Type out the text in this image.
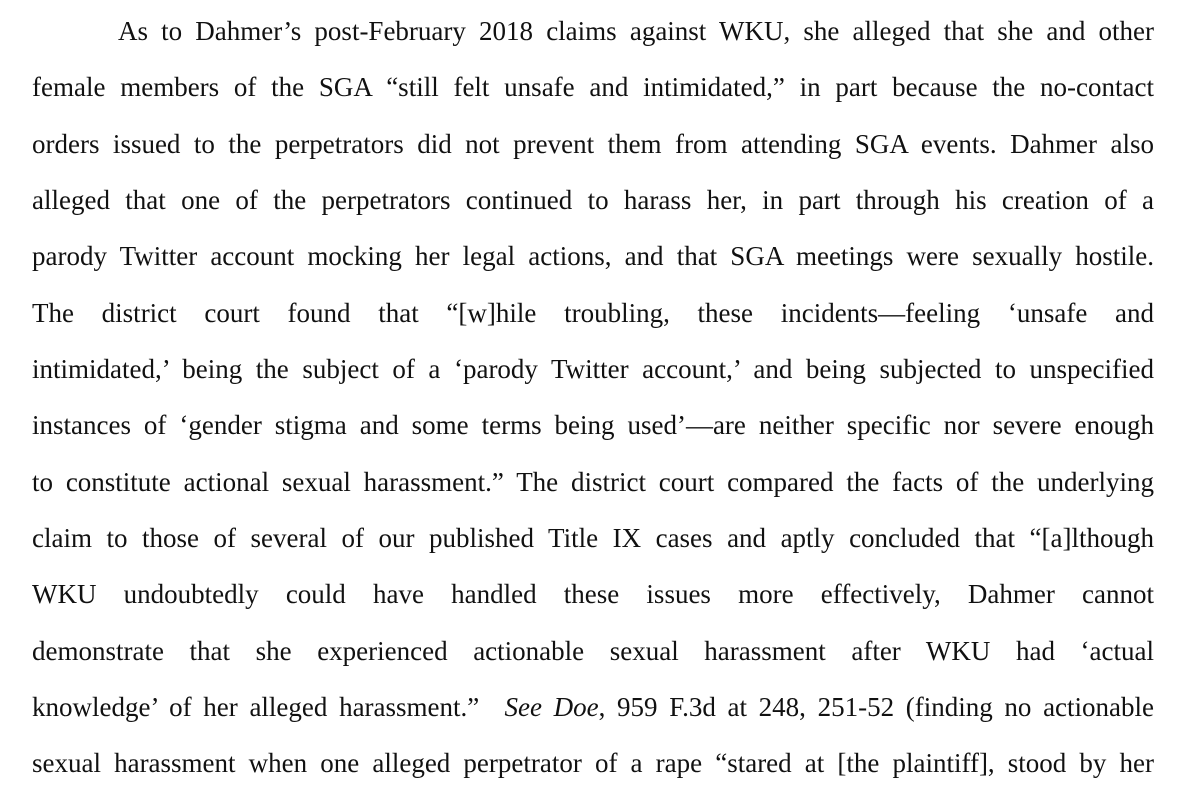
As to Dahmer’s post-February 2018 claims against WKU, she alleged that she and other
female members of the SGA “still felt unsafe and intimidated,” in part because the no-contact
orders issued to the perpetrators did not prevent them from attending SGA events. Dahmer also
alleged that one of the perpetrators continued to harass her, in part through his creation of a
parody Twitter account mocking her legal actions, and that SGA meetings were sexually hostile.
The district court found that “[w]hile troubling, these incidents—feeling ‘unsafe and
intimidated,’ being the subject of a ‘parody Twitter account,’ and being subjected to unspecified
instances of ‘gender stigma and some terms being used’—are neither specific nor severe enough
to constitute actional sexual harassment.” The district court compared the facts of the underlying
claim to those of several of our published Title IX cases and aptly concluded that “[a]lthough
WKU undoubtedly could have handled these issues more effectively, Dahmer cannot
demonstrate that she experienced actionable sexual harassment after WKU had ‘actual
knowledge’ of her alleged harassment.”   See Doe, 959 F.3d at 248, 251-52 (finding no actionable
sexual harassment when one alleged perpetrator of a rape “stared at [the plaintiff], stood by her
